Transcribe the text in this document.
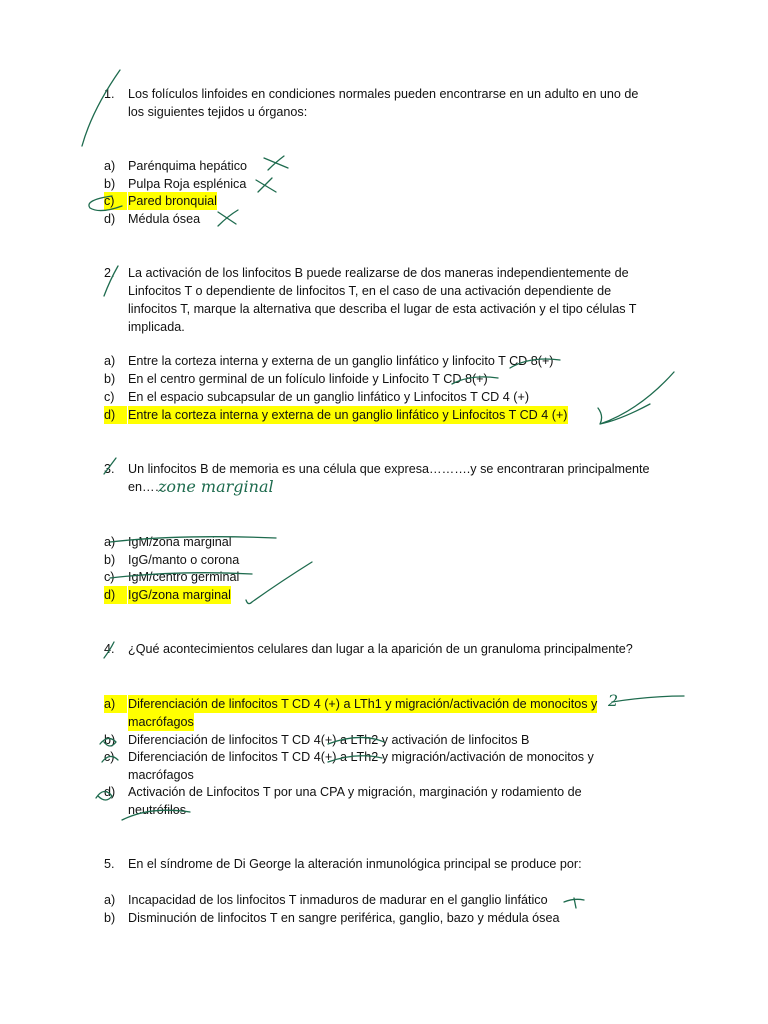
1. Los folículos linfoides en condiciones normales pueden encontrarse en un adulto en uno de
los siguientes tejidos u órganos:
a) Parénquima hepático
b) Pulpa Roja esplénica
c)	Pared bronquial
d) Médula ósea
2. La activación de los linfocitos B puede realizarse de dos maneras independientemente de
Linfocitos T o dependiente de linfocitos T, en el caso de una activación dependiente de
linfocitos T, marque la alternativa que describa el lugar de esta activación y el tipo células T
implicada.
a) Entre la corteza interna y externa de un ganglio linfático y linfocito T CD 8(+)
b) En el centro germinal de un folículo linfoide y Linfocito T CD 8(+)
c) En el espacio subcapsular de un ganglio linfático y Linfocitos T CD 4 (+)
d)	Entre la corteza interna y externa de un ganglio linfático y Linfocitos T CD 4 (+)
3. Un linfocitos B de memoria es una célula que expresa……….y se encontraran principalmente
en……
a) IgM/zona marginal
b) IgG/manto o corona
c) IgM/centro germinal
d)	IgG/zona marginal
4. ¿Qué acontecimientos celulares dan lugar a la aparición de un granuloma principalmente?
a)	Diferenciación de linfocitos T CD 4 (+) a LTh1 y migración/activación de monocitos y
macrófagos
b) Diferenciación de linfocitos T CD 4(+) a LTh2 y activación de linfocitos B
c) Diferenciación de linfocitos T CD 4(+) a LTh2 y migración/activación de monocitos y
macrófagos
d) Activación de Linfocitos T por una CPA y migración, marginación y rodamiento de
neutrófilos
5. En el síndrome de Di George la alteración inmunológica principal se produce por:
a) Incapacidad de los linfocitos T inmaduros de madurar en el ganglio linfático
b) Disminución de linfocitos T en sangre periférica, ganglio, bazo y médula ósea
zone marginal
2
